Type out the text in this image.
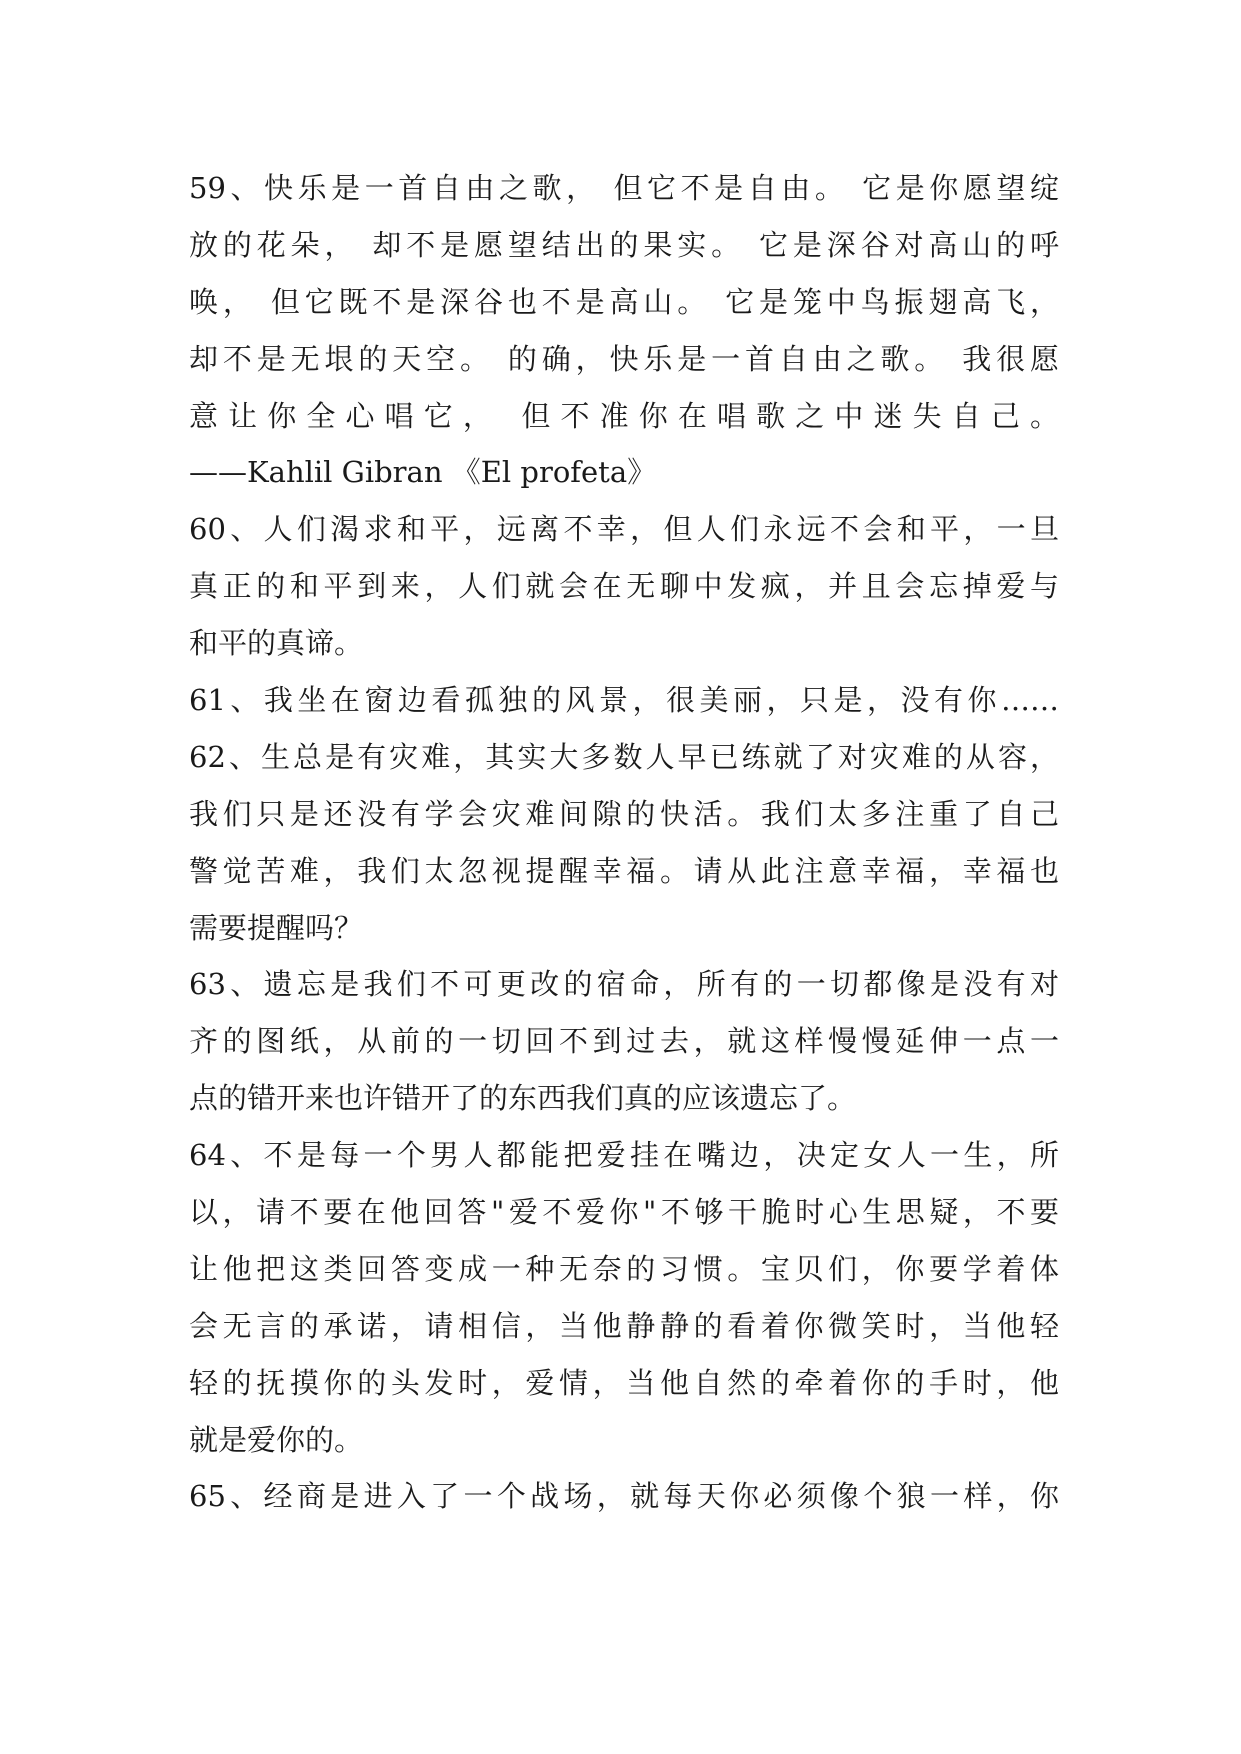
59、快乐是一首自由之歌， 但它不是自由。 它是你愿望绽
放的花朵， 却不是愿望结出的果实。 它是深谷对高山的呼
唤， 但它既不是深谷也不是高山。 它是笼中鸟振翅高飞，
却不是无垠的天空。 的确，快乐是一首自由之歌。 我很愿
意让你全心唱它， 但不准你在唱歌之中迷失自己。
——Kahlil Gibran 《El profeta》
60、人们渴求和平，远离不幸，但人们永远不会和平，一旦
真正的和平到来，人们就会在无聊中发疯，并且会忘掉爱与
和平的真谛。
61、我坐在窗边看孤独的风景，很美丽，只是，没有你……
62、生总是有灾难，其实大多数人早已练就了对灾难的从容，
我们只是还没有学会灾难间隙的快活。我们太多注重了自己
警觉苦难，我们太忽视提醒幸福。请从此注意幸福，幸福也
需要提醒吗？
63、遗忘是我们不可更改的宿命，所有的一切都像是没有对
齐的图纸，从前的一切回不到过去，就这样慢慢延伸一点一
点的错开来也许错开了的东西我们真的应该遗忘了。
64、不是每一个男人都能把爱挂在嘴边，决定女人一生，所
以，请不要在他回答"爱不爱你"不够干脆时心生思疑，不要
让他把这类回答变成一种无奈的习惯。宝贝们，你要学着体
会无言的承诺，请相信，当他静静的看着你微笑时，当他轻
轻的抚摸你的头发时，爱情，当他自然的牵着你的手时，他
就是爱你的。
65、经商是进入了一个战场，就每天你必须像个狼一样，你
